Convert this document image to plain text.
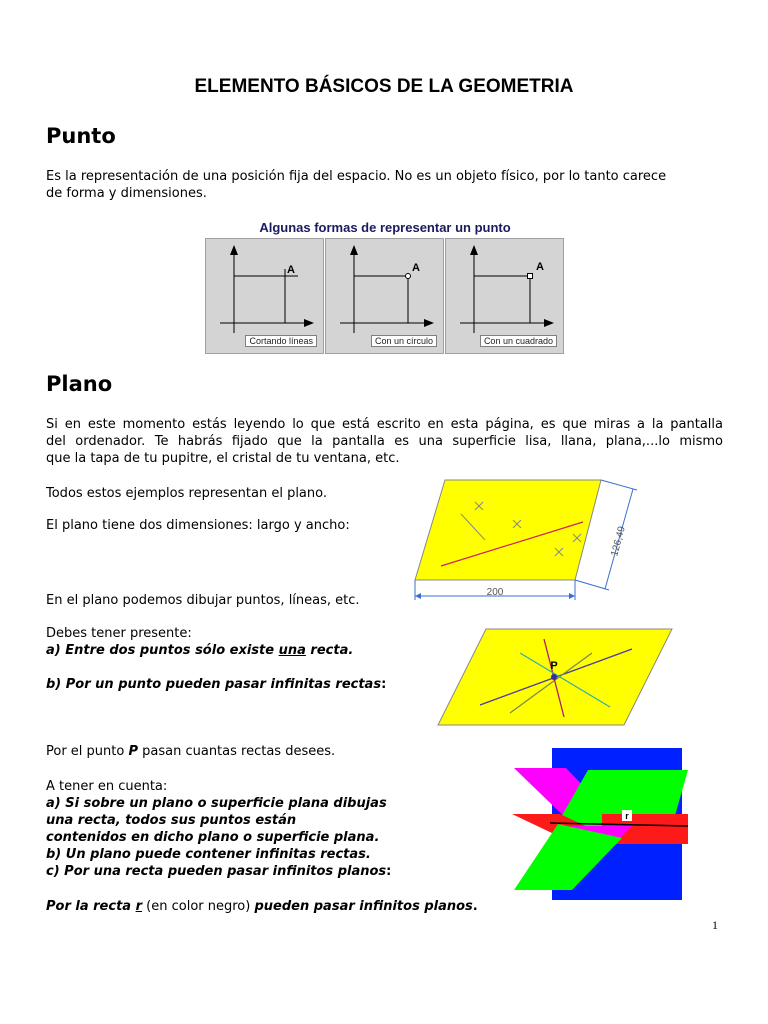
ELEMENTO BÁSICOS DE LA GEOMETRIA
Punto
Es la representación de una posición fija del espacio. No es un objeto físico, por lo tanto carece
de forma y dimensiones.
Algunas formas de representar un punto
A
Cortando líneas
A
Con un círculo
A
Con un cuadrado
Plano
Si en este momento estás leyendo lo que está escrito en esta página, es que miras a la pantalla
del ordenador. Te habrás fijado que la pantalla es una superficie lisa, llana, plana,...lo mismo
que la tapa de tu pupitre, el cristal de tu ventana, etc.
Todos estos ejemplos representan el plano.
El plano tiene dos dimensiones: largo y ancho:
En el plano podemos dibujar puntos, líneas, etc.
Debes tener presente:
a) Entre dos puntos sólo existe una recta.
b) Por un punto pueden pasar infinitas rectas:
Por el punto P pasan cuantas rectas desees.
A tener en cuenta:
a) Si sobre un plano o superficie plana dibujas
una recta, todos sus puntos están
contenidos en dicho plano o superficie plana.
b) Un plano puede contener infinitas rectas.
c) Por una recta pueden pasar infinitos planos:
Por la recta r (en color negro) pueden pasar infinitos planos.
200
126,49
P
r
1
